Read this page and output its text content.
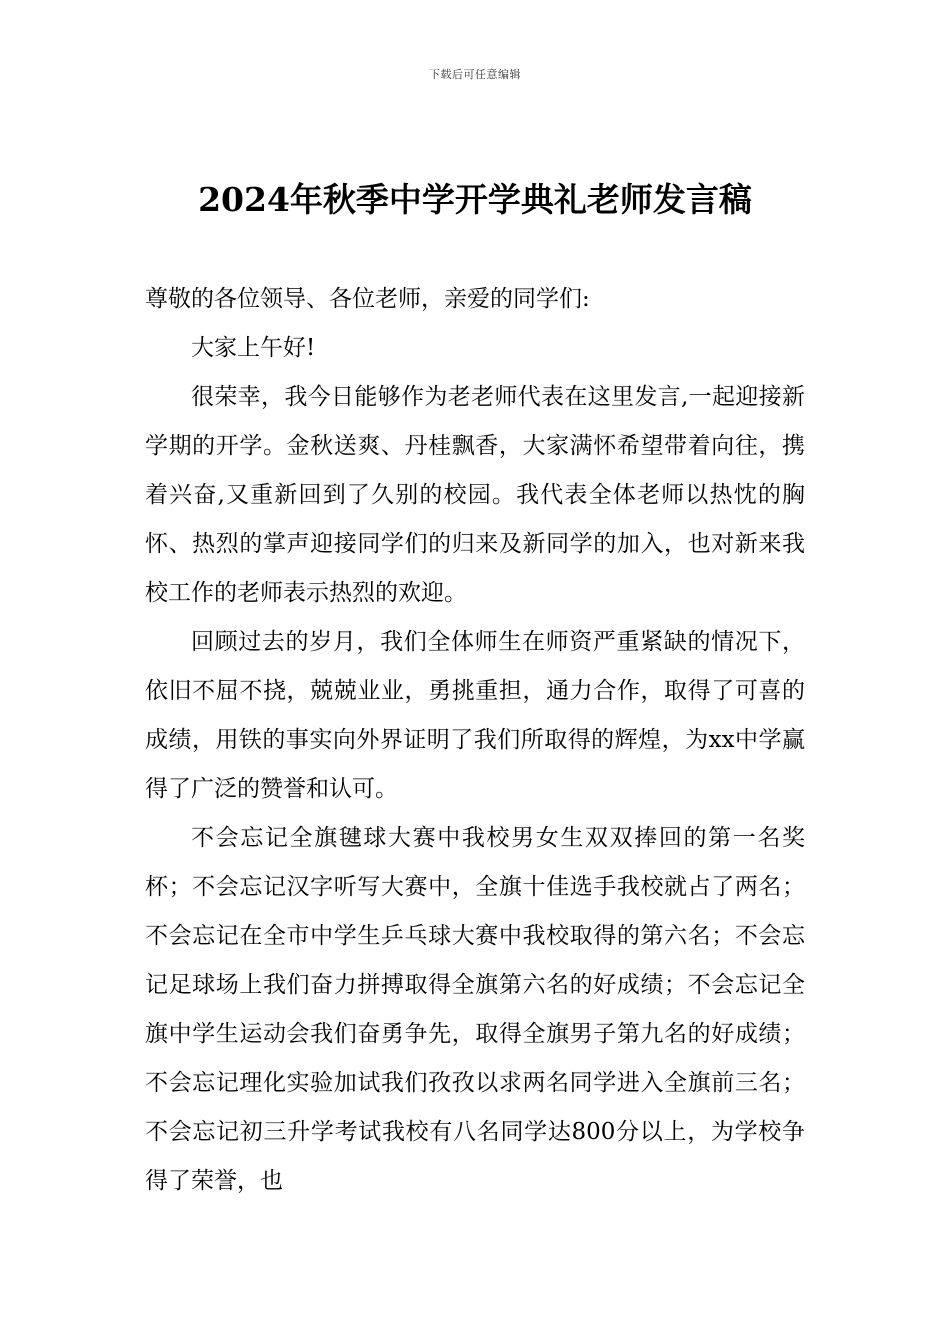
下载后可任意编辑
2024年秋季中学开学典礼老师发言稿

尊敬的各位领导、各位老师，亲爱的同学们:

大家上午好!

很荣幸，我今日能够作为老老师代表在这里发言,一起迎接新学期的开学。金秋送爽、丹桂飘香，大家满怀希望带着向往，携着兴奋,又重新回到了久别的校园。我代表全体老师以热忱的胸怀、热烈的掌声迎接同学们的归来及新同学的加入，也对新来我校工作的老师表示热烈的欢迎。

回顾过去的岁月，我们全体师生在师资严重紧缺的情况下，依旧不屈不挠，兢兢业业，勇挑重担，通力合作，取得了可喜的成绩，用铁的事实向外界证明了我们所取得的辉煌，为xx中学赢得了广泛的赞誉和认可。

不会忘记全旗毽球大赛中我校男女生双双捧回的第一名奖杯；不会忘记汉字听写大赛中，全旗十佳选手我校就占了两名；不会忘记在全市中学生乒乓球大赛中我校取得的第六名；不会忘记足球场上我们奋力拼搏取得全旗第六名的好成绩；不会忘记全旗中学生运动会我们奋勇争先，取得全旗男子第九名的好成绩；不会忘记理化实验加试我们孜孜以求两名同学进入全旗前三名；不会忘记初三升学考试我校有八名同学达800分以上，为学校争得了荣誉，也
